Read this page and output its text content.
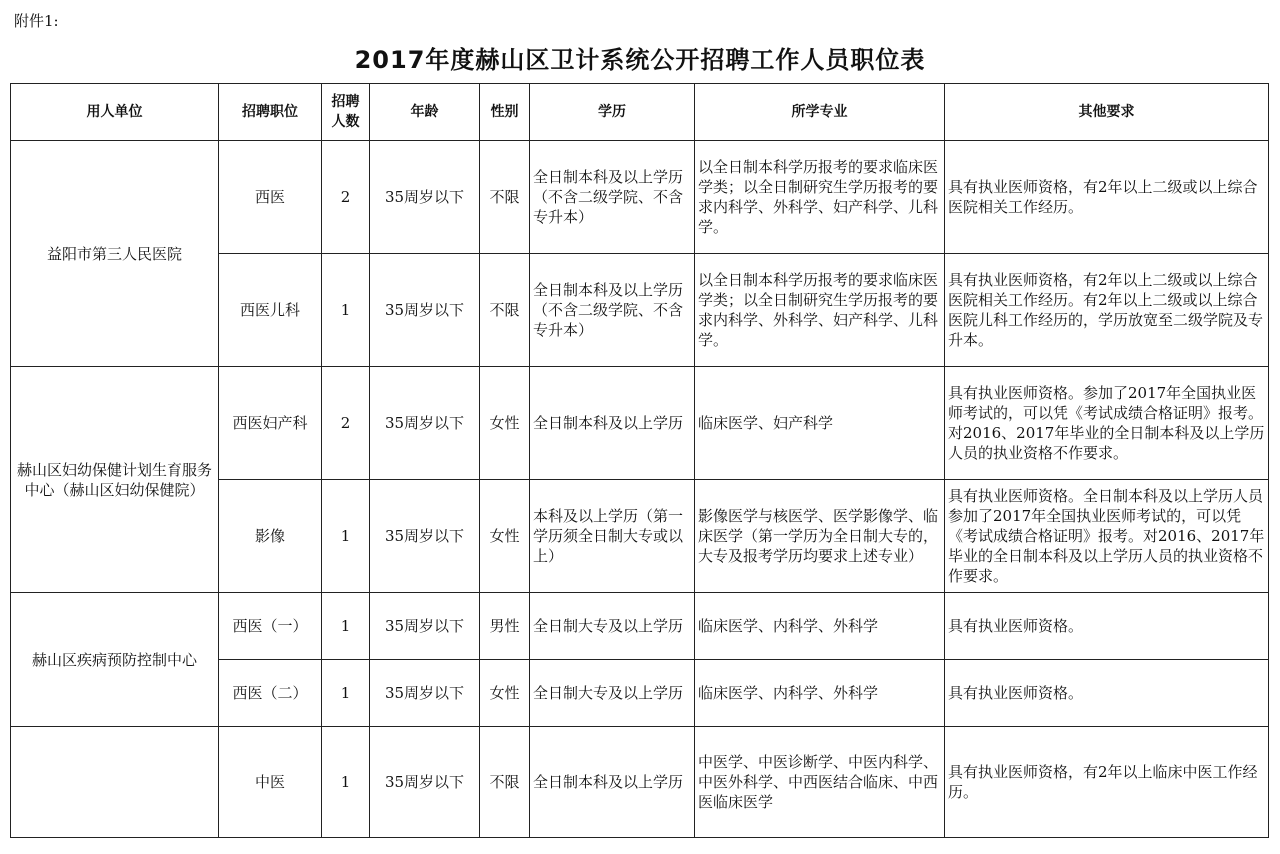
附件1:
2017年度赫山区卫计系统公开招聘工作人员职位表
用人单位	招聘职位	招聘人数	年龄	性别	学历	所学专业	其他要求
益阳市第三人民医院	西医	2	35周岁以下	不限	全日制本科及以上学历（不含二级学院、不含专升本）	以全日制本科学历报考的要求临床医学类；以全日制研究生学历报考的要求内科学、外科学、妇产科学、儿科学。	具有执业医师资格，有2年以上二级或以上综合医院相关工作经历。
	西医儿科	1	35周岁以下	不限	全日制本科及以上学历（不含二级学院、不含专升本）	以全日制本科学历报考的要求临床医学类；以全日制研究生学历报考的要求内科学、外科学、妇产科学、儿科学。	具有执业医师资格，有2年以上二级或以上综合医院相关工作经历。有2年以上二级或以上综合医院儿科工作经历的，学历放宽至二级学院及专升本。
赫山区妇幼保健计划生育服务中心（赫山区妇幼保健院）	西医妇产科	2	35周岁以下	女性	全日制本科及以上学历	临床医学、妇产科学	具有执业医师资格。参加了2017年全国执业医师考试的，可以凭《考试成绩合格证明》报考。对2016、2017年毕业的全日制本科及以上学历人员的执业资格不作要求。
	影像	1	35周岁以下	女性	本科及以上学历（第一学历须全日制大专或以上）	影像医学与核医学、医学影像学、临床医学（第一学历为全日制大专的，大专及报考学历均要求上述专业）	具有执业医师资格。全日制本科及以上学历人员参加了2017年全国执业医师考试的，可以凭《考试成绩合格证明》报考。对2016、2017年毕业的全日制本科及以上学历人员的执业资格不作要求。
赫山区疾病预防控制中心	西医（一）	1	35周岁以下	男性	全日制大专及以上学历	临床医学、内科学、外科学	具有执业医师资格。
	西医（二）	1	35周岁以下	女性	全日制大专及以上学历	临床医学、内科学、外科学	具有执业医师资格。
	中医	1	35周岁以下	不限	全日制本科及以上学历	中医学、中医诊断学、中医内科学、中医外科学、中西医结合临床、中西医临床医学	具有执业医师资格，有2年以上临床中医工作经历。
